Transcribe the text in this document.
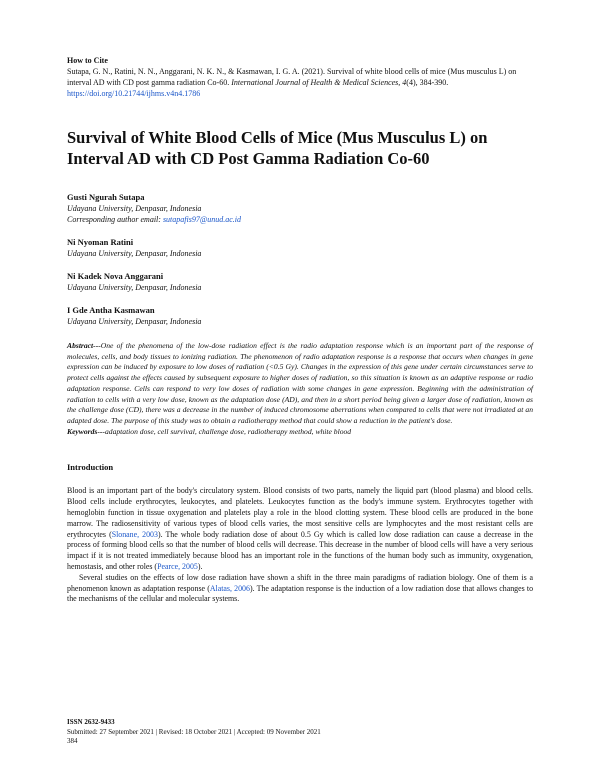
How to Cite

Sutapa, G. N., Ratini, N. N., Anggarani, N. K. N., & Kasmawan, I. G. A. (2021). Survival of white blood cells of mice (Mus musculus L) on interval AD with CD post gamma radiation Co-60. International Journal of Health & Medical Sciences, 4(4), 384-390. https://doi.org/10.21744/ijhms.v4n4.1786

Survival of White Blood Cells of Mice (Mus Musculus L) on Interval AD with CD Post Gamma Radiation Co-60
Gusti Ngurah Sutapa
Udayana University, Denpasar, Indonesia
Corresponding author email: sutapafis97@unud.ac.id
Ni Nyoman Ratini
Udayana University, Denpasar, Indonesia
Ni Kadek Nova Anggarani
Udayana University, Denpasar, Indonesia
I Gde Antha Kasmawan
Udayana University, Denpasar, Indonesia
Abstract---One of the phenomena of the low-dose radiation effect is the radio adaptation response which is an important part of the response of molecules, cells, and body tissues to ionizing radiation. The phenomenon of radio adaptation response is a response that occurs when changes in gene expression can be induced by exposure to low doses of radiation (<0.5 Gy). Changes in the expression of this gene under certain circumstances serve to protect cells against the effects caused by subsequent exposure to higher doses of radiation, so this situation is known as an adaptive response or radio adaptation response. Cells can respond to very low doses of radiation with some changes in gene expression. Beginning with the administration of radiation to cells with a very low dose, known as the adaptation dose (AD), and then in a short period being given a larger dose of radiation, known as the challenge dose (CD), there was a decrease in the number of induced chromosome aberrations when compared to cells that were not irradiated at an adapted dose. The purpose of this study was to obtain a radiotherapy method that could show a reduction in the patient's dose.
Keywords---adaptation dose, cell survival, challenge dose, radiotherapy method, white blood
Introduction

Blood is an important part of the body's circulatory system. Blood consists of two parts, namely the liquid part (blood plasma) and blood cells. Blood cells include erythrocytes, leukocytes, and platelets. Leukocytes function as the body's immune system. Erythrocytes together with hemoglobin function in tissue oxygenation and platelets play a role in the blood clotting system. These blood cells are produced in the bone marrow. The radiosensitivity of various types of blood cells varies, the most sensitive cells are lymphocytes and the most resistant cells are erythrocytes (Slonane, 2003). The whole body radiation dose of about 0.5 Gy which is called low dose radiation can cause a decrease in the process of forming blood cells so that the number of blood cells will decrease. This decrease in the number of blood cells will have a very serious impact if it is not treated immediately because blood has an important role in the functions of the human body such as immunity, oxygenation, hemostasis, and other roles (Pearce, 2005).

Several studies on the effects of low dose radiation have shown a shift in the three main paradigms of radiation biology. One of them is a phenomenon known as adaptation response (Alatas, 2006). The adaptation response is the induction of a low radiation dose that allows changes to the mechanisms of the cellular and molecular systems.

ISSN 2632-9433
Submitted: 27 September 2021 | Revised: 18 October 2021 | Accepted: 09 November 2021
384
